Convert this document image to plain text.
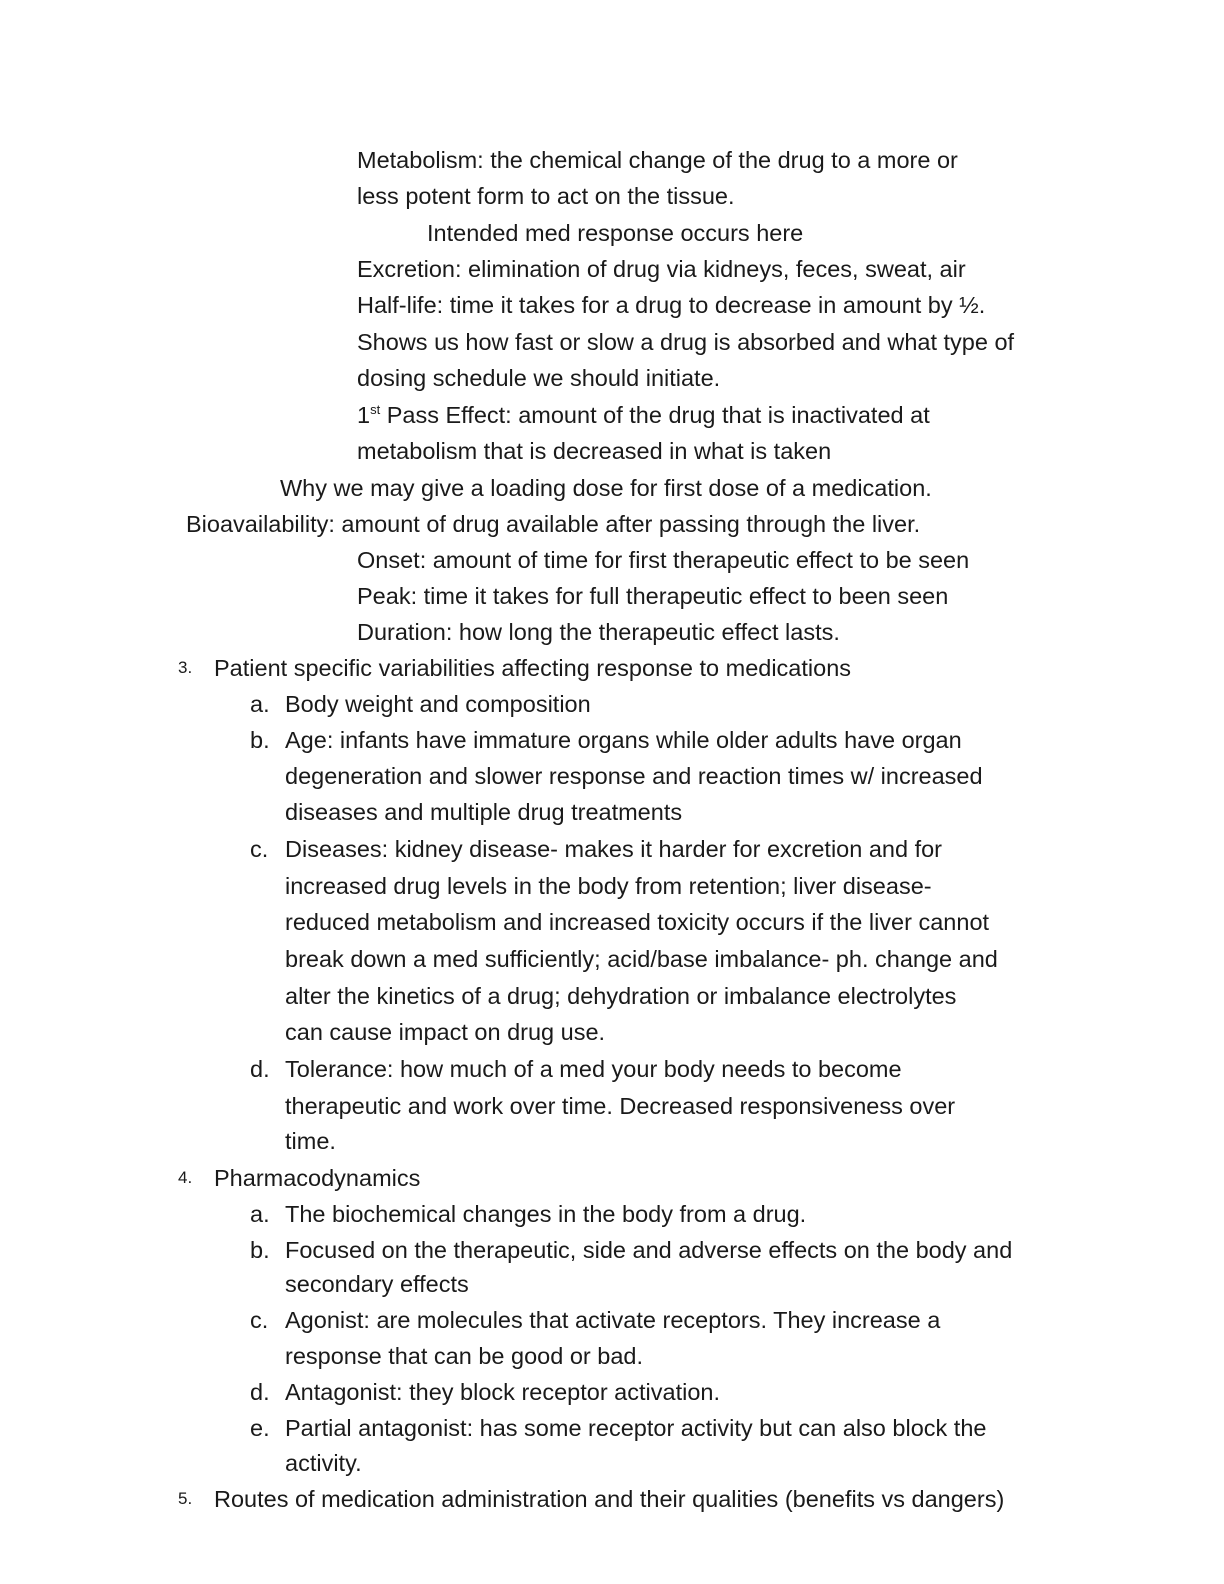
Metabolism: the chemical change of the drug to a more or
less potent form to act on the tissue.
Intended med response occurs here
Excretion: elimination of drug via kidneys, feces, sweat, air
Half-life: time it takes for a drug to decrease in amount by ½.
Shows us how fast or slow a drug is absorbed and what type of
dosing schedule we should initiate.
1st Pass Effect: amount of the drug that is inactivated at
metabolism that is decreased in what is taken
Why we may give a loading dose for first dose of a medication.
Bioavailability: amount of drug available after passing through the liver.
Onset: amount of time for first therapeutic effect to be seen
Peak: time it takes for full therapeutic effect to been seen
Duration: how long the therapeutic effect lasts.
3. Patient specific variabilities affecting response to medications
a. Body weight and composition
b. Age: infants have immature organs while older adults have organ
degeneration and slower response and reaction times w/ increased
diseases and multiple drug treatments
c. Diseases: kidney disease- makes it harder for excretion and for
increased drug levels in the body from retention; liver disease-
reduced metabolism and increased toxicity occurs if the liver cannot
break down a med sufficiently; acid/base imbalance- ph. change and
alter the kinetics of a drug; dehydration or imbalance electrolytes
can cause impact on drug use.
d. Tolerance: how much of a med your body needs to become
therapeutic and work over time. Decreased responsiveness over
time.
4. Pharmacodynamics
a. The biochemical changes in the body from a drug.
b. Focused on the therapeutic, side and adverse effects on the body and
secondary effects
c. Agonist: are molecules that activate receptors. They increase a
response that can be good or bad.
d. Antagonist: they block receptor activation.
e. Partial antagonist: has some receptor activity but can also block the
activity.
5. Routes of medication administration and their qualities (benefits vs dangers)
